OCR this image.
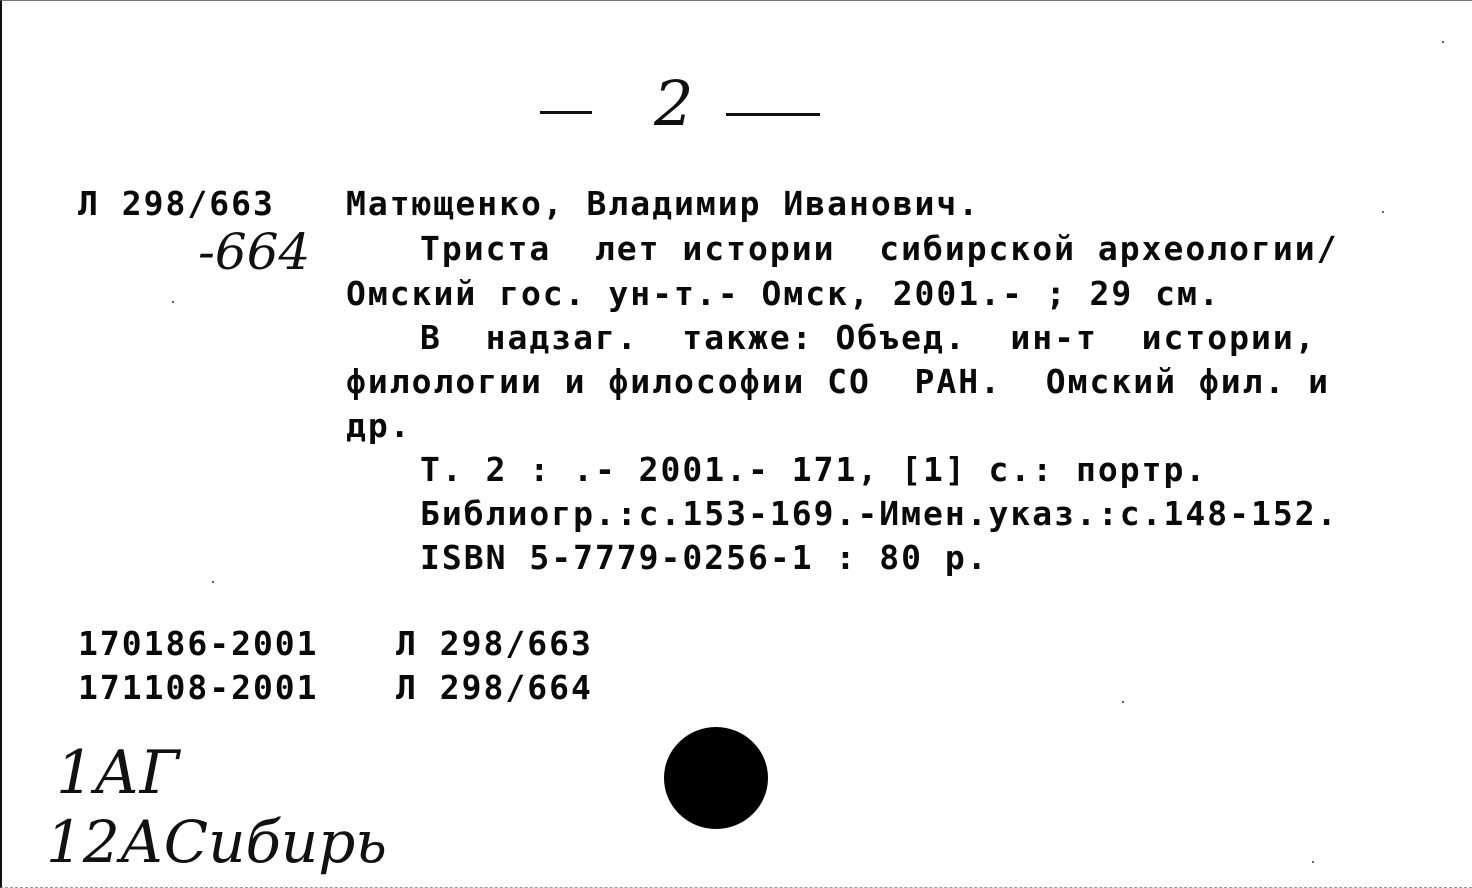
2
Л 298/663
-664
Матющенко, Владимир Иванович.
Триста  лет истории  сибирской археологии/
Омский гос. ун-т.- Омск, 2001.- ; 29 см.
В  надзаг.  также: Объед.  ин-т  истории,
филологии и философии СО  РАН.  Омский фил. и
др.
Т. 2 : .- 2001.- 171, [1] с.: портр.
Библиогр.:с.153-169.-Имен.указ.:с.148-152.
ISBN 5-7779-0256-1 : 80 р.
170186-2001 Л 298/663
171108-2001 Л 298/664
1АГ
12АСибирь
